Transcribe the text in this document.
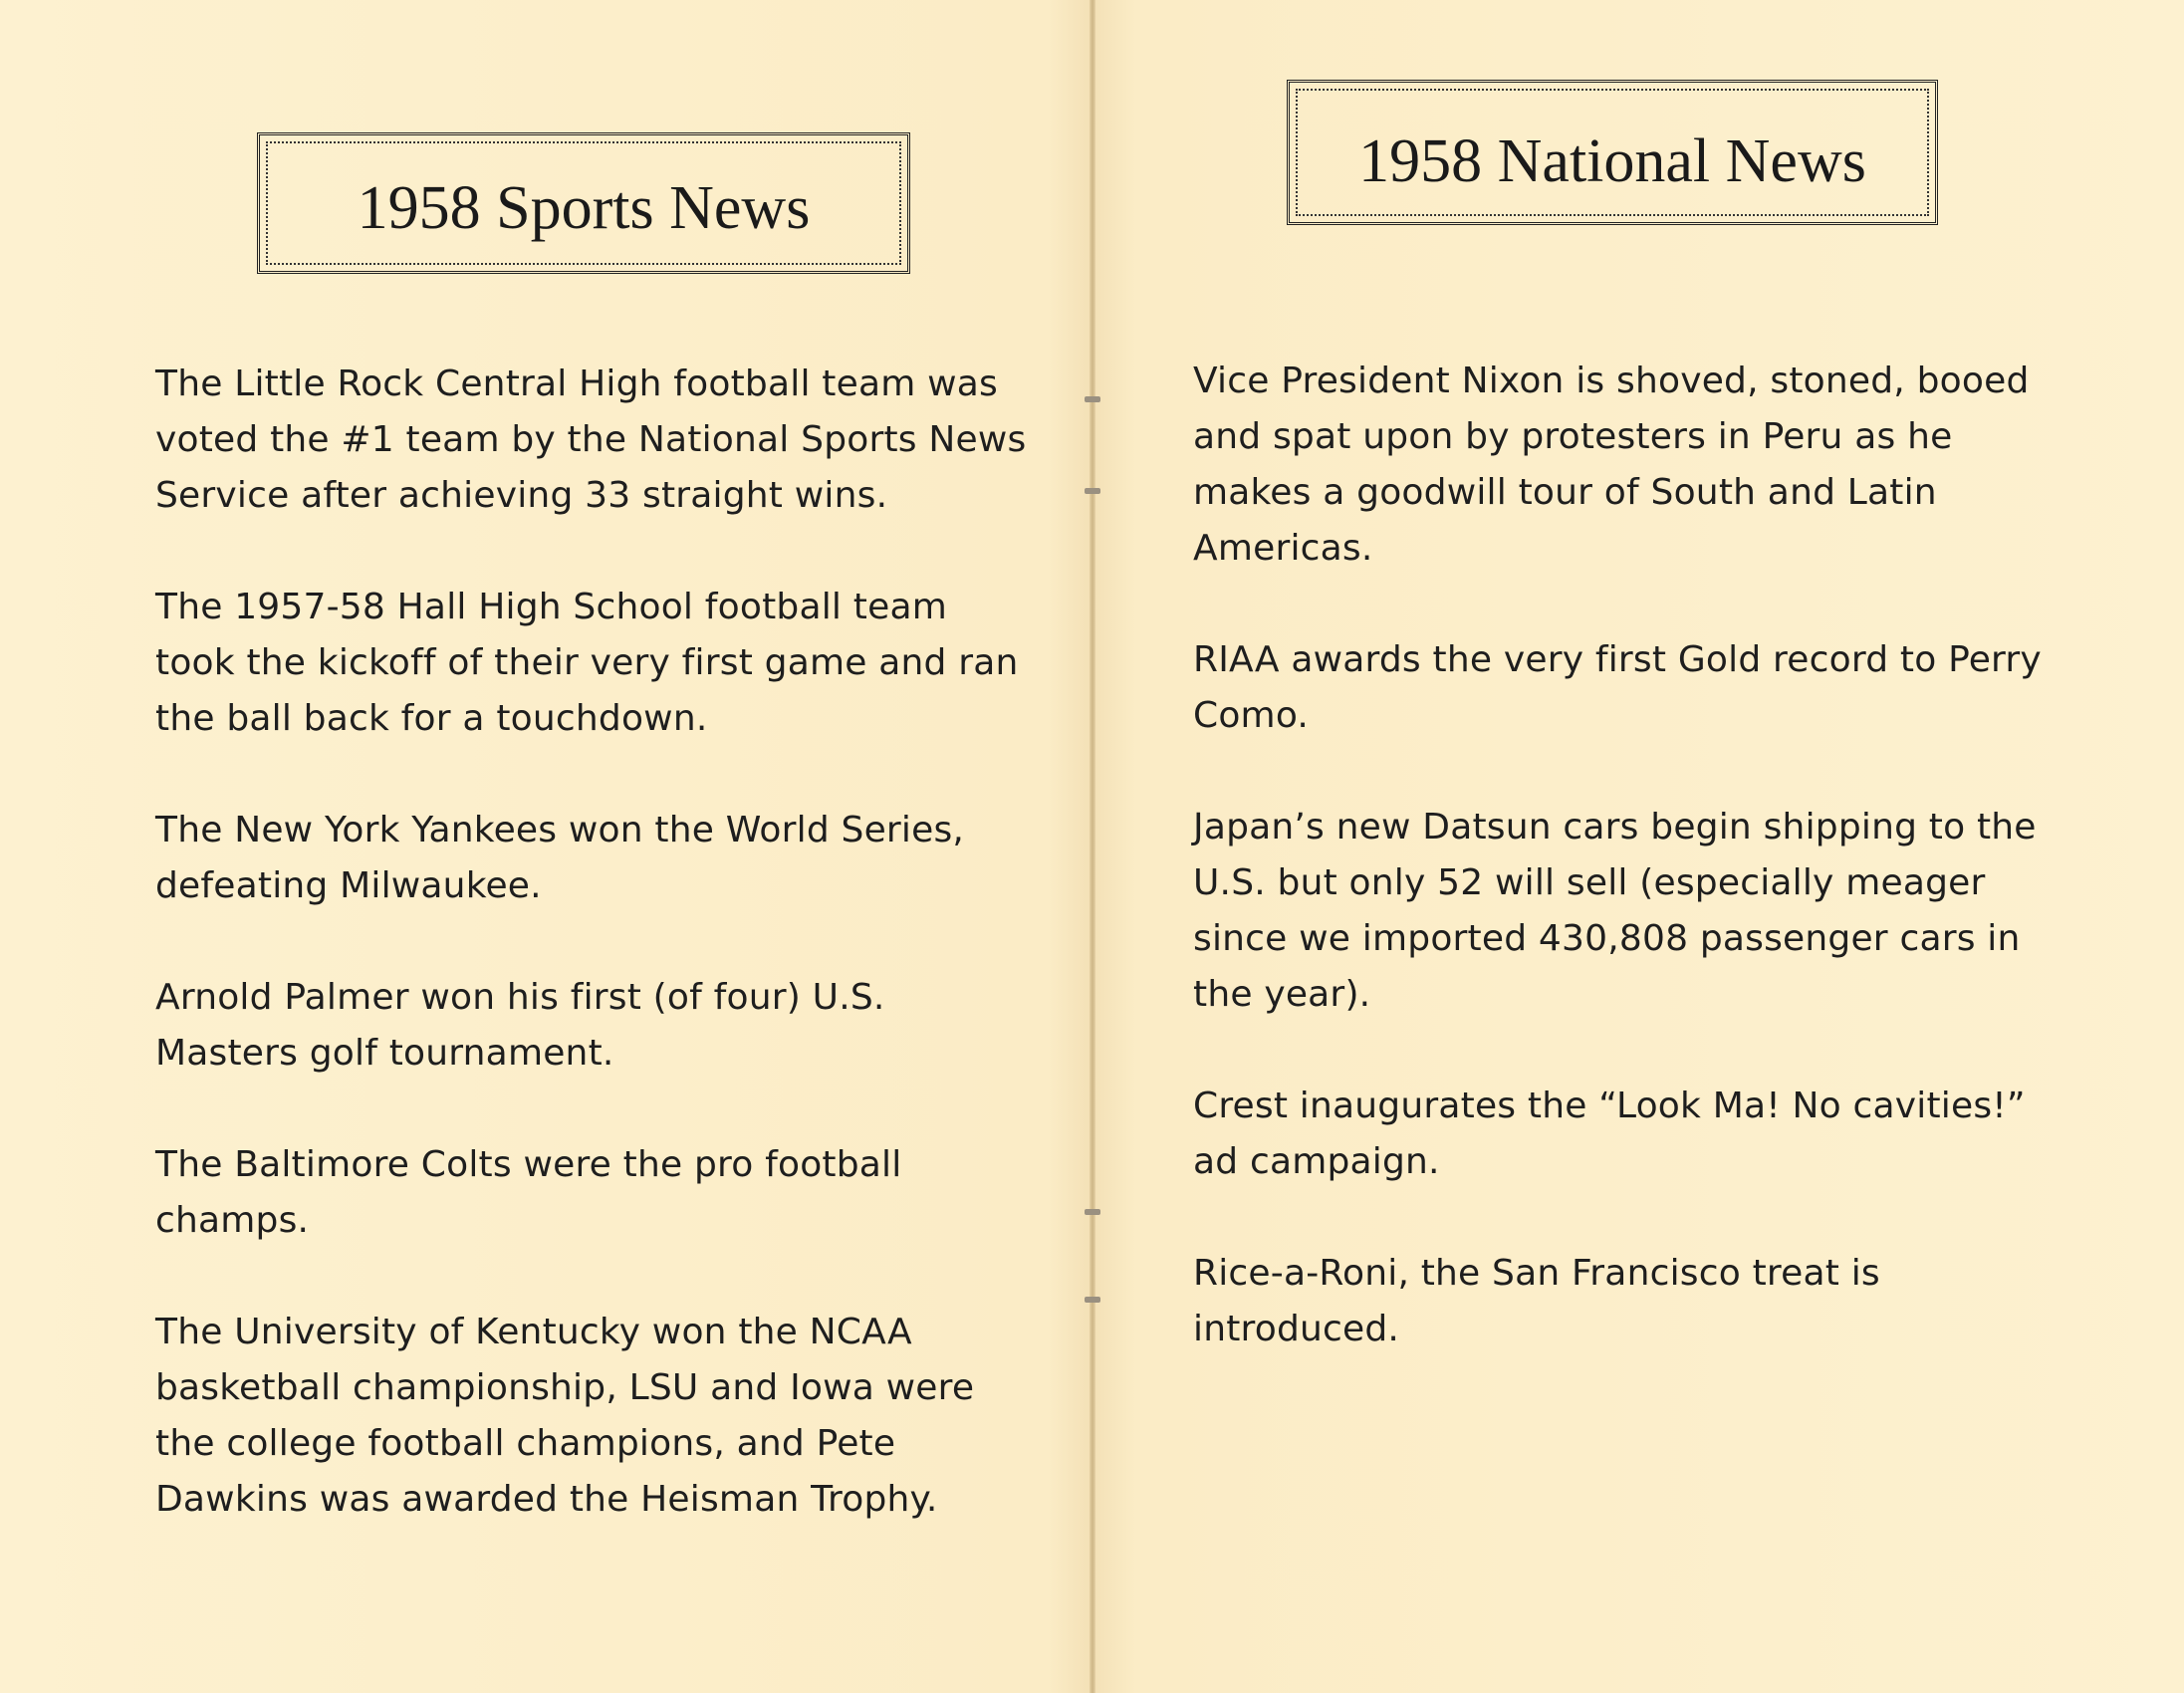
1958 Sports News
The Little Rock Central High football team was voted the #1 team by the National Sports News Service after achieving 33 straight wins.
The 1957-58 Hall High School football team took the kickoff of their very first game and ran the ball back for a touchdown.
The New York Yankees won the World Series, defeating Milwaukee.
Arnold Palmer won his first (of four) U.S. Masters golf tournament.
The Baltimore Colts were the pro football champs.
The University of Kentucky won the NCAA basketball championship, LSU and Iowa were the college football champions, and Pete Dawkins was awarded the Heisman Trophy.
1958 National News
Vice President Nixon is shoved, stoned, booed and spat upon by protesters in Peru as he makes a goodwill tour of South and Latin Americas.
RIAA awards the very first Gold record to Perry Como.
Japan’s new Datsun cars begin shipping to the U.S. but only 52 will sell (especially meager since we imported 430,808 passenger cars in the year).
Crest inaugurates the “Look Ma! No cavities!” ad campaign.
Rice-a-Roni, the San Francisco treat is introduced.
